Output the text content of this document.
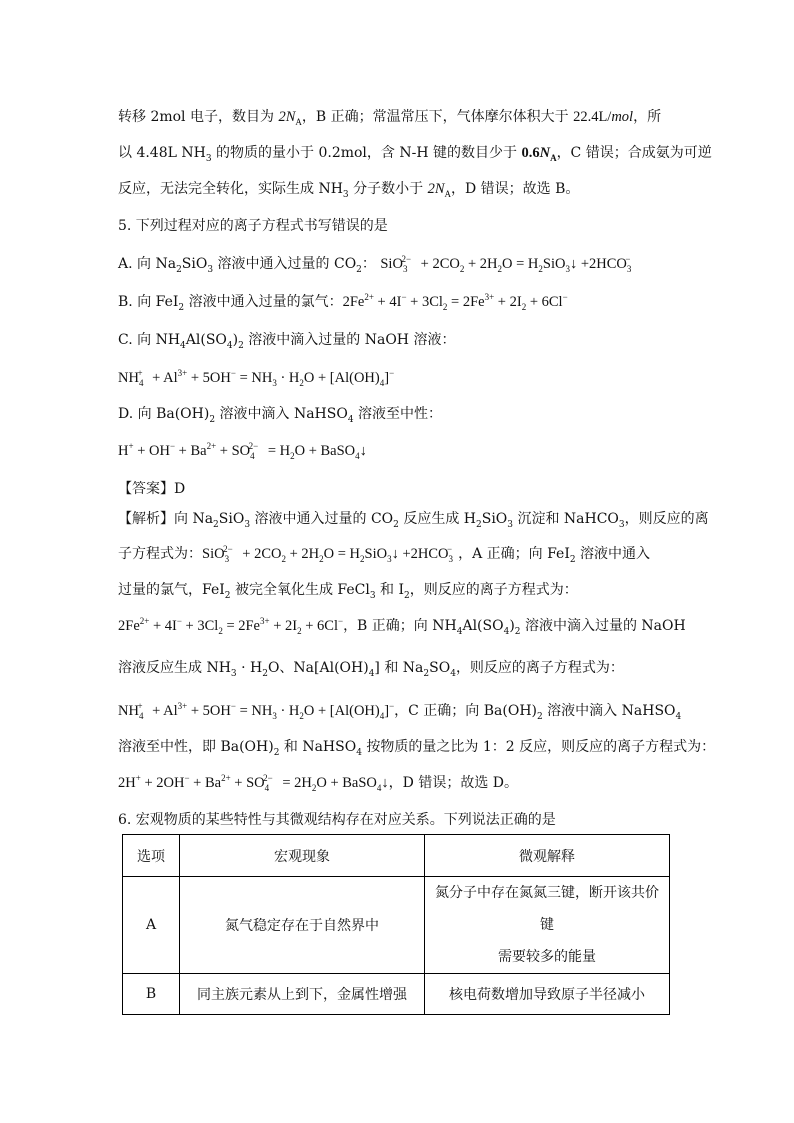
转移 2mol 电子，数目为 $2N_A$，B 正确；常温常压下，气体摩尔体积大于 22.4L/mol，所
以 4.48L $NH_3$ 的物质的量小于 0.2mol，含 N-H 键的数目少于 $0.6N_A$，C 错误；合成氨为可逆
反应，无法完全转化，实际生成 $NH_3$ 分子数小于 $2N_A$，D 错误；故选 B。
5. 下列过程对应的离子方程式书写错误的是
A. 向 $Na_2SiO_3$ 溶液中通入过量的 $CO_2$： $SiO_3^{2-} + 2CO_2 + 2H_2O$ = $H_2SiO_3↓ +2HCO_3^-$
B. 向 FeI$_2$ 溶液中通入过量的氯气：$2Fe^{2+} + 4I^- + 3Cl_2 = 2Fe^{3+} + 2I_2 + 6Cl^-$
C. 向 $NH_4Al(SO_4)_2$ 溶液中滴入过量的 NaOH 溶液：
$NH_4^+ + Al^{3+} + 5OH^- = NH_3 \cdot H_2O + [Al(OH)_4]^-$
D. 向 $Ba(OH)_2$ 溶液中滴入 NaHSO$_4$ 溶液至中性：
$H^+ + OH^- + Ba^{2+} + SO_4^{2-} = H_2O$ + BaSO$_4$↓
【答案】D
【解析】向 $Na_2SiO_3$ 溶液中通入过量的 $CO_2$ 反应生成 $H_2SiO_3$ 沉淀和 NaHCO$_3$，则反应的离
子方程式为：$SiO_3^{2-} + 2CO_2 + 2H_2O$ = $H_2SiO_3↓ +2HCO_3^-$ ，A 正确；向 FeI$_2$ 溶液中通入
过量的氯气，FeI$_2$ 被完全氧化生成 FeCl$_3$ 和 $I_2$，则反应的离子方程式为：
$2Fe^{2+} + 4I^- + 3Cl_2 = 2Fe^{3+} + 2I_2 + 6Cl^-$，B 正确；向 $NH_4Al(SO_4)_2$ 溶液中滴入过量的 NaOH
溶液反应生成 $NH_3 \cdot H_2O$、$Na[Al(OH)_4]$ 和 $Na_2SO_4$，则反应的离子方程式为：
$NH_4^+ + Al^{3+} + 5OH^- = NH_3 \cdot H_2O + [Al(OH)_4]^-$，C 正确；向 $Ba(OH)_2$ 溶液中滴入 NaHSO$_4$
溶液至中性，即 $Ba(OH)_2$ 和 NaHSO$_4$ 按物质的量之比为 1：2 反应，则反应的离子方程式为：
$2H^+ + 2OH^- + Ba^{2+} + SO_4^{2-} = 2H_2O$ + BaSO$_4$↓，D 错误；故选 D。
6. 宏观物质的某些特性与其微观结构存在对应关系。下列说法正确的是
选项	宏观现象	微观解释
A	氮气稳定存在于自然界中	氮分子中存在氮氮三键，断开该共价键
需要较多的能量

B	同主族元素从上到下，金属性增强	核电荷数增加导致原子半径减小
